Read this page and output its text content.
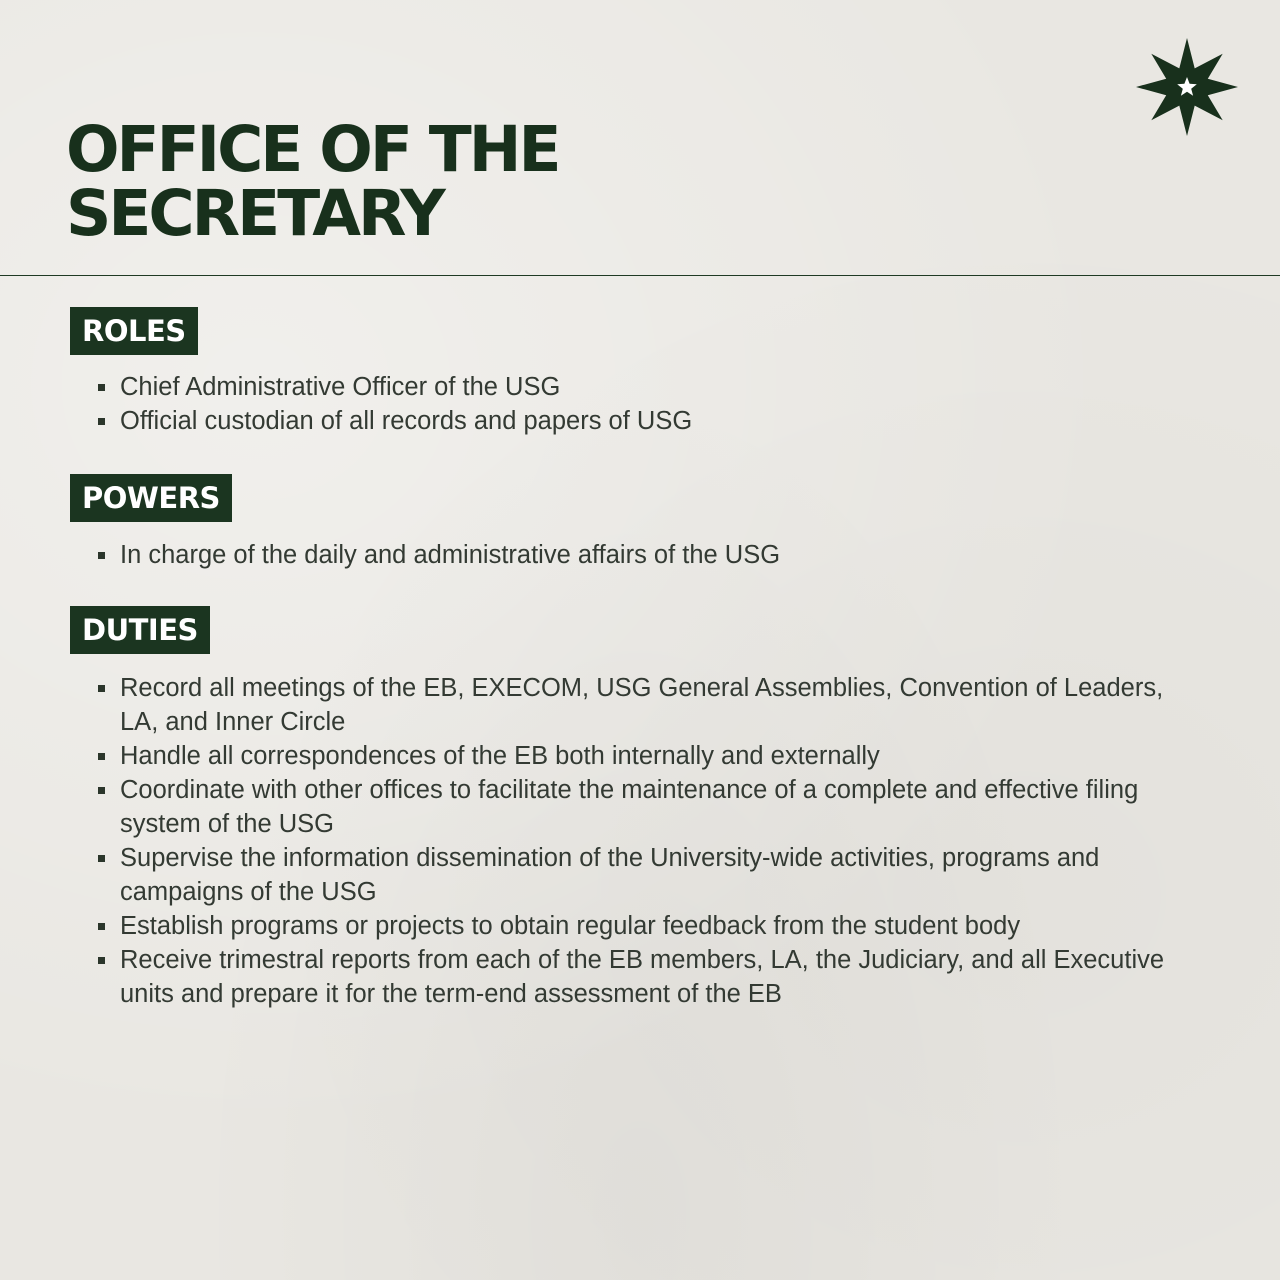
OFFICE OF THE
SECRETARY
ROLES
Chief Administrative Officer of the USG
Official custodian of all records and papers of USG
POWERS
In charge of the daily and administrative affairs of the USG
DUTIES
Record all meetings of the EB, EXECOM, USG General Assemblies, Convention of Leaders, LA, and Inner Circle
Handle all correspondences of the EB both internally and externally
Coordinate with other offices to facilitate the maintenance of a complete and effective filing system of the USG
Supervise the information dissemination of the University-wide activities, programs and campaigns of the USG
Establish programs or projects to obtain regular feedback from the student body
Receive trimestral reports from each of the EB members, LA, the Judiciary, and all Executive units and prepare it for the term-end assessment of the EB
